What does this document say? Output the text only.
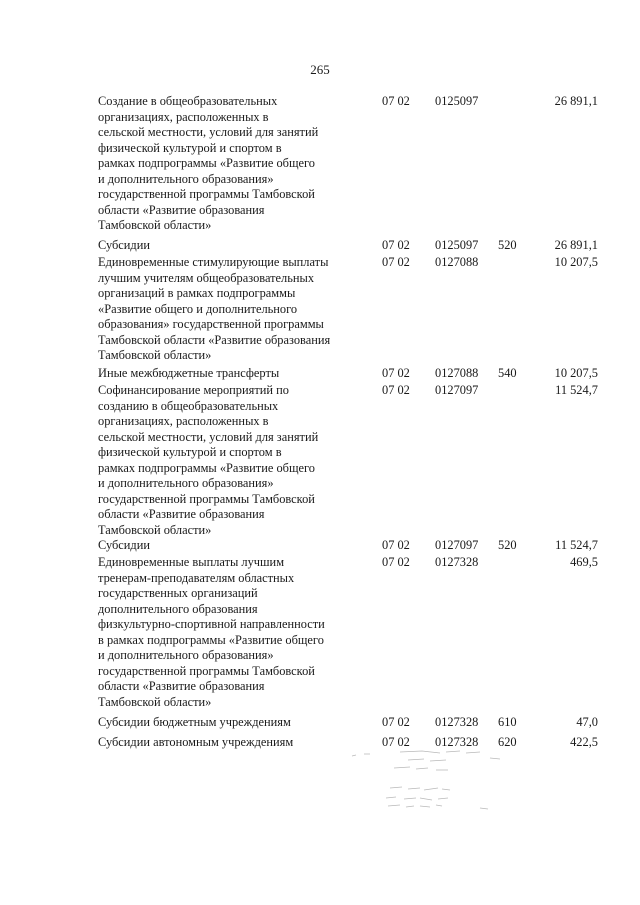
265
Создание в общеобразовательных
организациях, расположенных в
сельской местности, условий для занятий
физической культурой и спортом в
рамках подпрограммы «Развитие общего
и дополнительного образования»
государственной программы Тамбовской
области «Развитие образования
Тамбовской области»
07 02 0125097	26 891,1
Субсидии	07 02 0125097 520	26 891,1
Единовременные стимулирующие выплаты
лучшим учителям общеобразовательных
организаций в рамках подпрограммы
«Развитие общего и дополнительного
образования» государственной программы
Тамбовской области «Развитие образования
Тамбовской области»
07 02 0127088	10 207,5
Иные межбюджетные трансферты	07 02 0127088 540	10 207,5
Софинансирование мероприятий по
созданию в общеобразовательных
организациях, расположенных в
сельской местности, условий для занятий
физической культурой и спортом в
рамках подпрограммы «Развитие общего
и дополнительного образования»
государственной программы Тамбовской
области «Развитие образования
Тамбовской области»
07 02 0127097	11 524,7
Субсидии	07 02 0127097 520	11 524,7
Единовременные выплаты лучшим
тренерам-преподавателям областных
государственных организаций
дополнительного образования
физкультурно-спортивной направленности
в рамках подпрограммы «Развитие общего
и дополнительного образования»
государственной программы Тамбовской
области «Развитие образования
Тамбовской области»
07 02 0127328	469,5
Субсидии бюджетным учреждениям	07 02 0127328 610	47,0
Субсидии автономным учреждениям	07 02 0127328 620	422,5
